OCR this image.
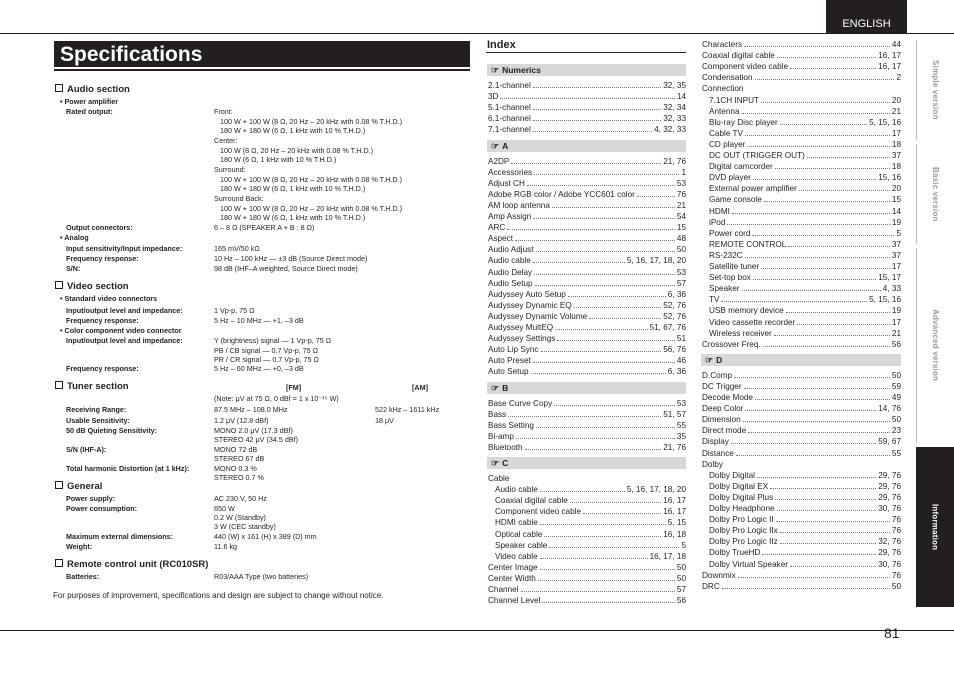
ENGLISH
Simple version
Basic version
Advanced version
Information
81
Specifications
Audio section
• Power amplifier
Rated output:	Front:
100 W + 100 W (8 Ω, 20 Hz – 20 kHz with 0.08 % T.H.D.)
180 W + 180 W (6 Ω, 1 kHz with 10 % T.H.D.)
Center:
100 W (8 Ω, 20 Hz – 20 kHz with 0.08 % T.H.D.)
180 W (6 Ω, 1 kHz with 10 % T.H.D.)
Surround:
100 W + 100 W (8 Ω, 20 Hz – 20 kHz with 0.08 % T.H.D.)
180 W + 180 W (6 Ω, 1 kHz with 10 % T.H.D.)
Surround Back:
100 W + 100 W (8 Ω, 20 Hz – 20 kHz with 0.08 % T.H.D.)
180 W + 180 W (6 Ω, 1 kHz with 10 % T.H.D.)
Output connectors:	6 – 8 Ω (SPEAKER A + B : 8 Ω)
• Analog
Input sensitivity/Input impedance:	165 mV/50 kΩ
Frequency response:	10 Hz – 100 kHz — ±3 dB (Source Direct mode)
S/N:	98 dB (IHF–A weighted, Source Direct mode)
Video section
• Standard video connectors
Input/output level and impedance:	1 Vp-p, 75 Ω
Frequency response:	5 Hz – 10 MHz — +1, –3 dB
• Color component video connector
Input/output level and impedance:	Y (brightness) signal — 1 Vp-p, 75 Ω
PB / CB signal — 0.7 Vp-p, 75 Ω
PR / CR signal — 0.7 Vp-p, 75 Ω
Frequency response:	5 Hz – 60 MHz — +0, –3 dB
Tuner section	[FM]	[AM]
(Note: μV at 75 Ω, 0 dBf = 1 x 10⁻¹⁵ W)
Receiving Range:	87.5 MHz – 108.0 MHz	522 kHz – 1611 kHz
Usable Sensitivity:	1.2 μV (12.8 dBf)	18 μV
50 dB Quieting Sensitivity:	MONO 2.0 μV (17.3 dBf)
STEREO 42 μV (34.5 dBf)
S/N (IHF-A):	MONO 72 dB
STEREO 67 dB
Total harmonic Distortion (at 1 kHz):	MONO 0.3 %
STEREO 0.7 %
General
Power supply:	AC 230 V, 50 Hz
Power consumption:	650 W
0.2 W (Standby)
3 W (CEC standby)
Maximum external dimensions:	440 (W) x 161 (H) x 389 (D) mm
Weight:	11.6 kg
Remote control unit (RC010SR)
Batteries:	R03/AAA Type (two batteries)
For purposes of improvement, specifications and design are subject to change without notice.
Index
☞ Numerics
2.1-channel	32, 35
3D	14
5.1-channel	32, 34
6.1-channel	32, 33
7.1-channel	4, 32, 33
☞ A
A2DP	21, 76
Accessories	1
Adjust CH	53
Adobe RGB color / Adobe YCC601 color	76
AM loop antenna	21
Amp Assign	54
ARC	15
Aspect	48
Audio Adjust	50
Audio cable	5, 16, 17, 18, 20
Audio Delay	53
Audio Setup	57
Audyssey Auto Setup	6, 36
Audyssey Dynamic EQ	52, 76
Audyssey Dynamic Volume	52, 76
Audyssey MultEQ	51, 67, 76
Audyssey Settings	51
Auto Lip Sync	56, 76
Auto Preset	46
Auto Setup	6, 36
☞ B
Base Curve Copy	53
Bass	51, 57
Bass Setting	55
Bi-amp	35
Bluetooth	21, 76
☞ C
Cable
Audio cable	5, 16, 17, 18, 20
Coaxial digital cable	16, 17
Component video cable	16, 17
HDMI cable	5, 15
Optical cable	16, 18
Speaker cable	5
Video cable	16, 17, 18
Center Image	50
Center Width	50
Channel	57
Channel Level	56
Characters	44
Coaxial digital cable	16, 17
Component video cable	16, 17
Condensation	2
Connection
7.1CH INPUT	20
Antenna	21
Blu-ray Disc player	5, 15, 16
Cable TV	17
CD player	18
DC OUT (TRIGGER OUT)	37
Digital camcorder	18
DVD player	15, 16
External power amplifier	20
Game console	15
HDMI	14
iPod	19
Power cord	5
REMOTE CONTROL	37
RS-232C	37
Satellite tuner	17
Set-top box	15, 17
Speaker	4, 33
TV	5, 15, 16
USB memory device	19
Video cassette recorder	17
Wireless receiver	21
Crossover Freq.	56
☞ D
D.Comp	50
DC Trigger	59
Decode Mode	49
Deep Color	14, 76
Dimension	50
Direct mode	23
Display	59, 67
Distance	55
Dolby
Dolby Digital	29, 76
Dolby Digital EX	29, 76
Dolby Digital Plus	29, 76
Dolby Headphone	30, 76
Dolby Pro Logic II	76
Dolby Pro Logic IIx	76
Dolby Pro Logic IIz	32, 76
Dolby TrueHD	29, 76
Dolby Virtual Speaker	30, 76
Downmix	76
DRC	50
